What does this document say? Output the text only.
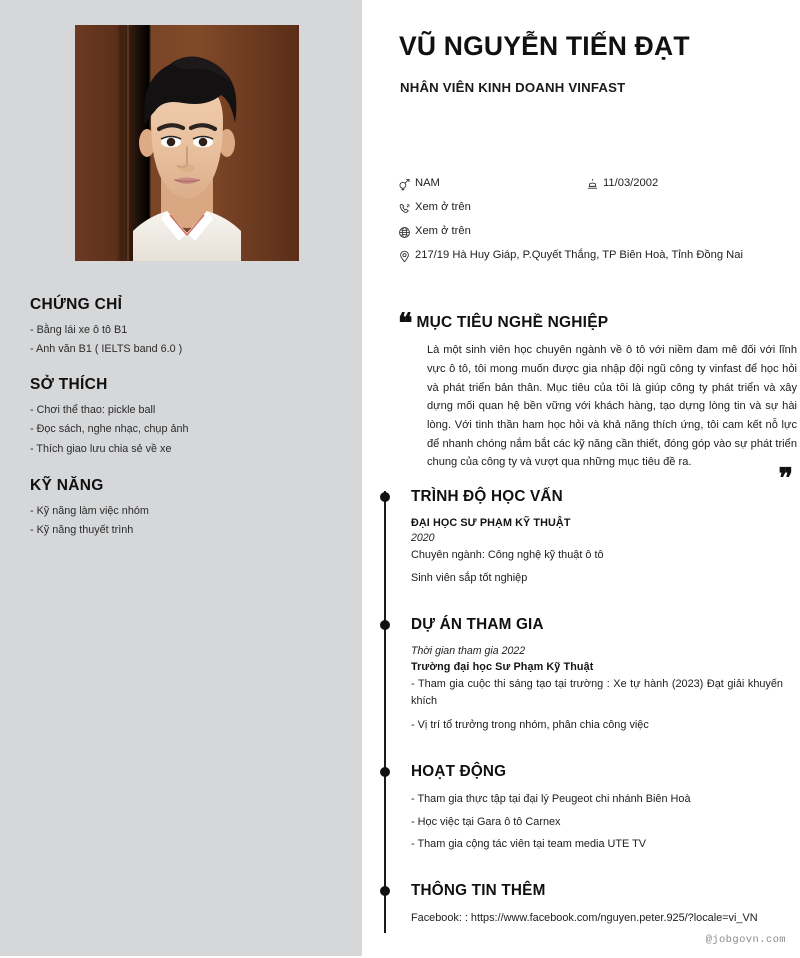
CHỨNG CHỈ

- Bằng lái xe ô tô B1

- Anh văn B1 ( IELTS band 6.0 )

SỞ THÍCH

- Chơi thể thao: pickle ball

- Đọc sách, nghe nhạc, chụp ảnh

- Thích giao lưu chia sẻ về xe

KỸ NĂNG

- Kỹ năng làm việc nhóm

- Kỹ năng thuyết trình

VŨ NGUYỄN TIẾN ĐẠT
NHÂN VIÊN KINH DOANH VINFAST
NAM	11/03/2002
Xem ở trên
Xem ở trên
217/19 Hà Huy Giáp, P.Quyết Thắng, TP Biên Hoà, Tỉnh Đồng Nai
❝ MỤC TIÊU NGHỀ NGHIỆP

Là một sinh viên học chuyên ngành về ô tô với niềm đam mê đối với lĩnh vực ô tô, tôi mong muốn được gia nhập đội ngũ công ty vinfast để học hỏi và phát triển bản thân. Mục tiêu của tôi là giúp công ty phát triển và xây dựng mối quan hệ bền vững với khách hàng, tạo dựng lòng tin và sự hài lòng. Với tinh thần ham học hỏi và khả năng thích ứng, tôi cam kết nỗ lực để nhanh chóng nắm bắt các kỹ năng cần thiết, đóng góp vào sự phát triển chung của công ty và vượt qua những mục tiêu đề ra.

❞
TRÌNH ĐỘ HỌC VẤN

ĐẠI HỌC SƯ PHẠM KỸ THUẬT

2020

Chuyên ngành: Công nghệ kỹ thuật ô tô

Sinh viên sắp tốt nghiệp

DỰ ÁN THAM GIA

Thời gian tham gia 2022

Trường đại học Sư Phạm Kỹ Thuật

- Tham gia cuộc thi sáng tạo tại trường : Xe tự hành (2023) Đạt giải khuyến khích

- Vị trí tổ trưởng trong nhóm, phân chia công việc

HOẠT ĐỘNG

- Tham gia thực tập tại đại lý Peugeot chi nhánh Biên Hoà

- Học việc tại Gara ô tô Carnex

- Tham gia cộng tác viên tại team media UTE TV

THÔNG TIN THÊM

Facebook: : https://www.facebook.com/nguyen.peter.925/?locale=vi_VN

@jobgovn.com
